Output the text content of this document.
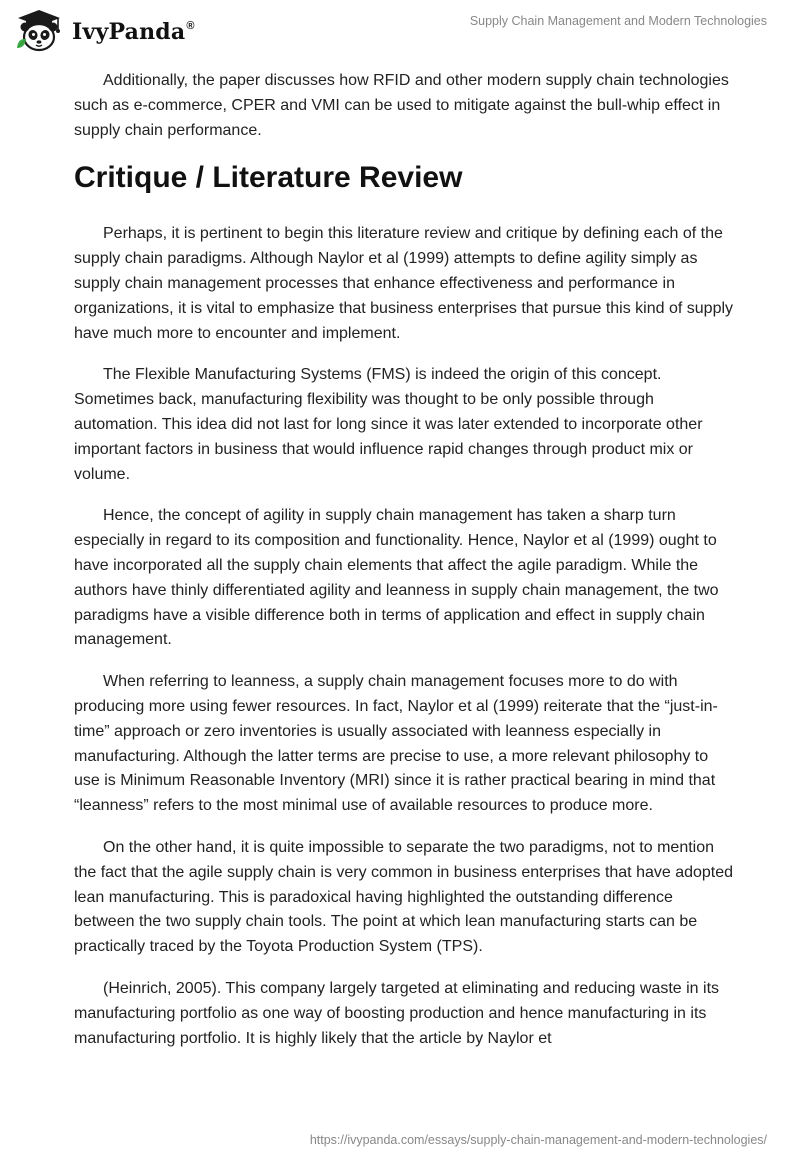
IvyPanda®	Supply Chain Management and Modern Technologies

Additionally, the paper discusses how RFID and other modern supply chain technologies such as e-commerce, CPER and VMI can be used to mitigate against the bull-whip effect in supply chain performance.

Critique / Literature Review

Perhaps, it is pertinent to begin this literature review and critique by defining each of the supply chain paradigms. Although Naylor et al (1999) attempts to define agility simply as supply chain management processes that enhance effectiveness and performance in organizations, it is vital to emphasize that business enterprises that pursue this kind of supply have much more to encounter and implement.

The Flexible Manufacturing Systems (FMS) is indeed the origin of this concept. Sometimes back, manufacturing flexibility was thought to be only possible through automation. This idea did not last for long since it was later extended to incorporate other important factors in business that would influence rapid changes through product mix or volume.

Hence, the concept of agility in supply chain management has taken a sharp turn especially in regard to its composition and functionality. Hence, Naylor et al (1999) ought to have incorporated all the supply chain elements that affect the agile paradigm. While the authors have thinly differentiated agility and leanness in supply chain management, the two paradigms have a visible difference both in terms of application and effect in supply chain management.

When referring to leanness, a supply chain management focuses more to do with producing more using fewer resources. In fact, Naylor et al (1999) reiterate that the “just-in-time” approach or zero inventories is usually associated with leanness especially in manufacturing. Although the latter terms are precise to use, a more relevant philosophy to use is Minimum Reasonable Inventory (MRI) since it is rather practical bearing in mind that “leanness” refers to the most minimal use of available resources to produce more.

On the other hand, it is quite impossible to separate the two paradigms, not to mention the fact that the agile supply chain is very common in business enterprises that have adopted lean manufacturing. This is paradoxical having highlighted the outstanding difference between the two supply chain tools. The point at which lean manufacturing starts can be practically traced by the Toyota Production System (TPS).

(Heinrich, 2005). This company largely targeted at eliminating and reducing waste in its manufacturing portfolio as one way of boosting production and hence manufacturing in its manufacturing portfolio. It is highly likely that the article by Naylor et

https://ivypanda.com/essays/supply-chain-management-and-modern-technologies/
